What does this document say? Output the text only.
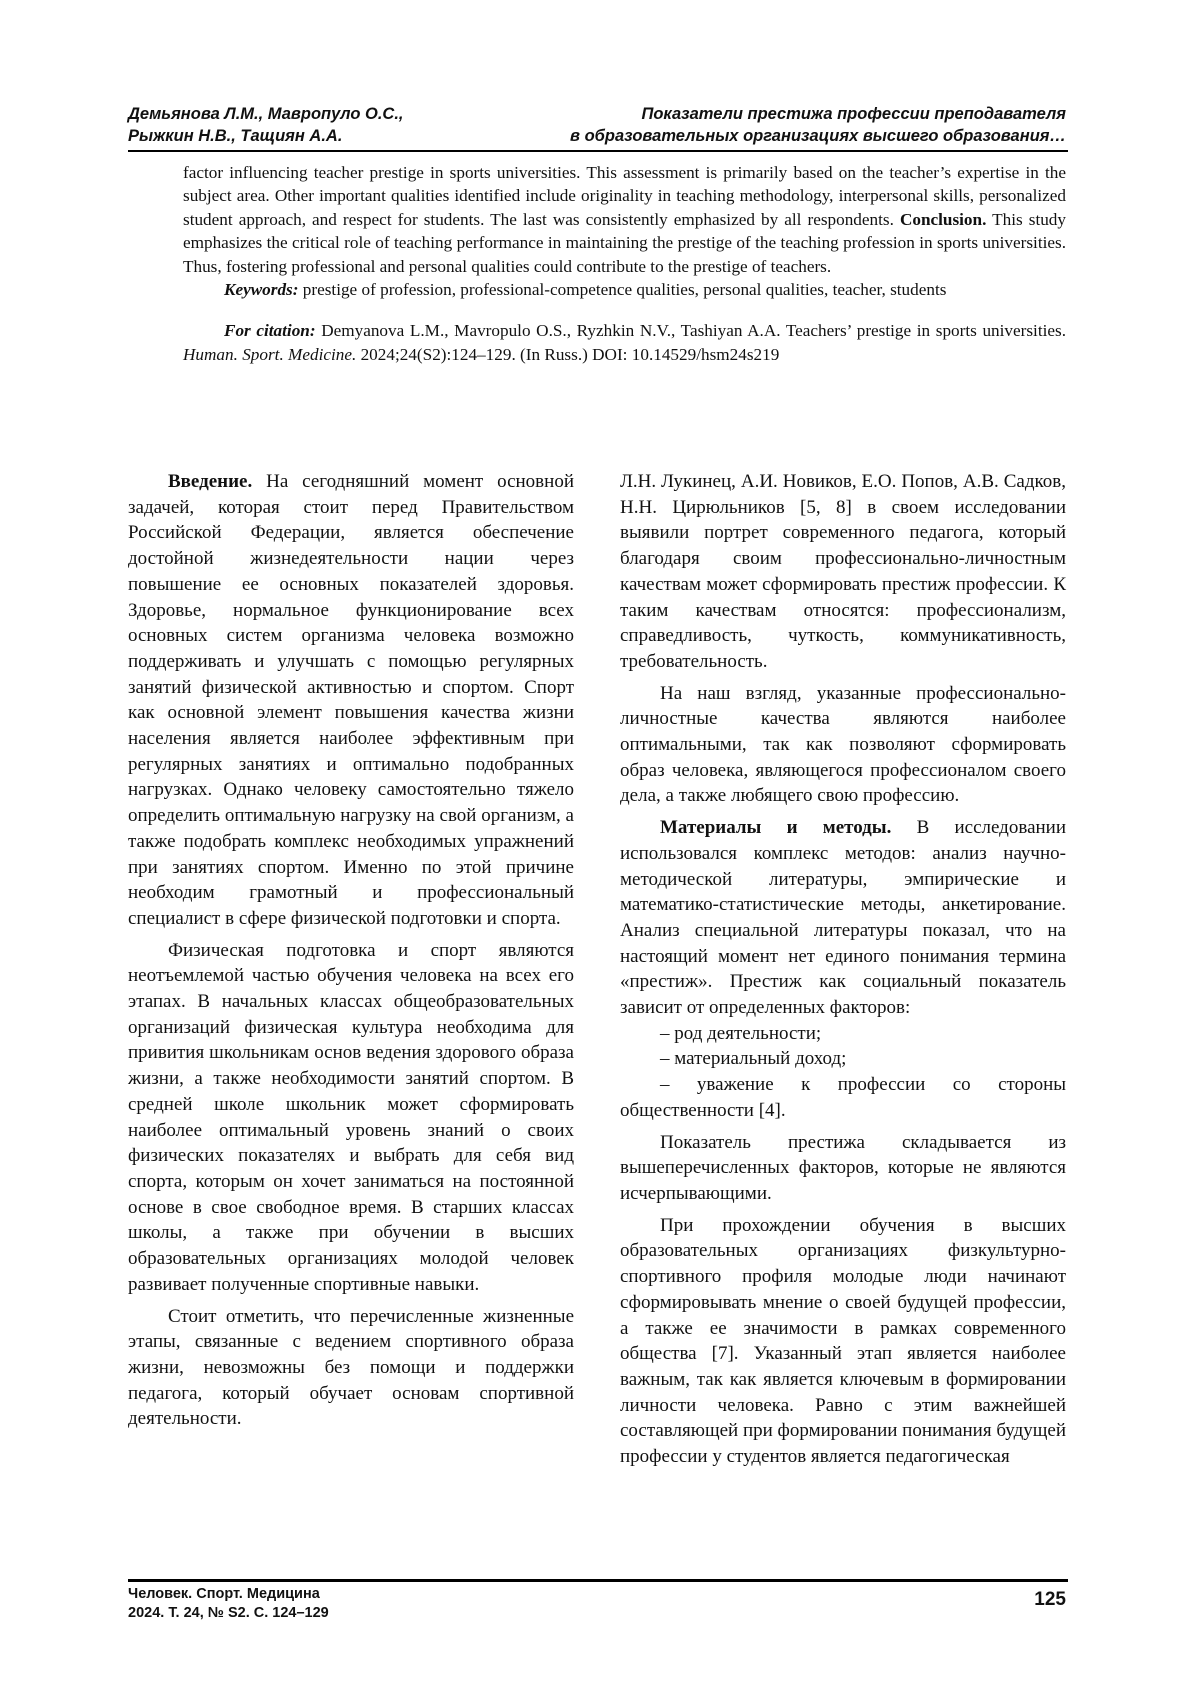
Демьянова Л.М., Мавропуло О.С.,
Рыжкин Н.В., Тащиян А.А.
Показатели престижа профессии преподавателя
в образовательных организациях высшего образования…

factor influencing teacher prestige in sports universities. This assessment is primarily based on the teacher’s expertise in the subject area. Other important qualities identified include originality in teaching methodology, interpersonal skills, personalized student approach, and respect for students. The last was consistently emphasized by all respondents. Conclusion. This study emphasizes the critical role of teaching performance in maintaining the prestige of the teaching profession in sports universities. Thus, fostering professional and personal qualities could contribute to the prestige of teachers.

Keywords: prestige of profession, professional-competence qualities, personal qualities, teacher, students

For citation: Demyanova L.M., Mavropulo O.S., Ryzhkin N.V., Tashiyan A.A. Teachers’ prestige in sports universities. Human. Sport. Medicine. 2024;24(S2):124–129. (In Russ.) DOI: 10.14529/hsm24s219

Введение. На сегодняшний момент основной задачей, которая стоит перед Правительством Российской Федерации, является обеспечение достойной жизнедеятельности нации через повышение ее основных показателей здоровья. Здоровье, нормальное функционирование всех основных систем организма человека возможно поддерживать и улучшать с помощью регулярных занятий физической активностью и спортом. Спорт как основной элемент повышения качества жизни населения является наиболее эффективным при регулярных занятиях и оптимально подобранных нагрузках. Однако человеку самостоятельно тяжело определить оптимальную нагрузку на свой организм, а также подобрать комплекс необходимых упражнений при занятиях спортом. Именно по этой причине необходим грамотный и профессиональный специалист в сфере физической подготовки и спорта.

Физическая подготовка и спорт являются неотъемлемой частью обучения человека на всех его этапах. В начальных классах общеобразовательных организаций физическая культура необходима для привития школьникам основ ведения здорового образа жизни, а также необходимости занятий спортом. В средней школе школьник может сформировать наиболее оптимальный уровень знаний о своих физических показателях и выбрать для себя вид спорта, которым он хочет заниматься на постоянной основе в свое свободное время. В старших классах школы, а также при обучении в высших образовательных организациях молодой человек развивает полученные спортивные навыки.

Стоит отметить, что перечисленные жизненные этапы, связанные с ведением спортивного образа жизни, невозможны без помощи и поддержки педагога, который обучает основам спортивной деятельности.

Л.Н. Лукинец, А.И. Новиков, Е.О. Попов, А.В. Садков, Н.Н. Цирюльников [5, 8] в своем исследовании выявили портрет современного педагога, который благодаря своим профессионально-личностным качествам может сформировать престиж профессии. К таким качествам относятся: профессионализм, справедливость, чуткость, коммуникативность, требовательность.

На наш взгляд, указанные профессионально-личностные качества являются наиболее оптимальными, так как позволяют сформировать образ человека, являющегося профессионалом своего дела, а также любящего свою профессию.

Материалы и методы. В исследовании использовался комплекс методов: анализ научно-методической литературы, эмпирические и математико-статистические методы, анкетирование. Анализ специальной литературы показал, что на настоящий момент нет единого понимания термина «престиж». Престиж как социальный показатель зависит от определенных факторов:

– род деятельности;

– материальный доход;

– уважение к профессии со стороны общественности [4].

Показатель престижа складывается из вышеперечисленных факторов, которые не являются исчерпывающими.

При прохождении обучения в высших образовательных организациях физкультурно-спортивного профиля молодые люди начинают сформировывать мнение о своей будущей профессии, а также ее значимости в рамках современного общества [7]. Указанный этап является наиболее важным, так как является ключевым в формировании личности человека. Равно с этим важнейшей составляющей при формировании понимания будущей профессии у студентов является педагогическая

Человек. Спорт. Медицина
2024. Т. 24, № S2. С. 124–129
125
